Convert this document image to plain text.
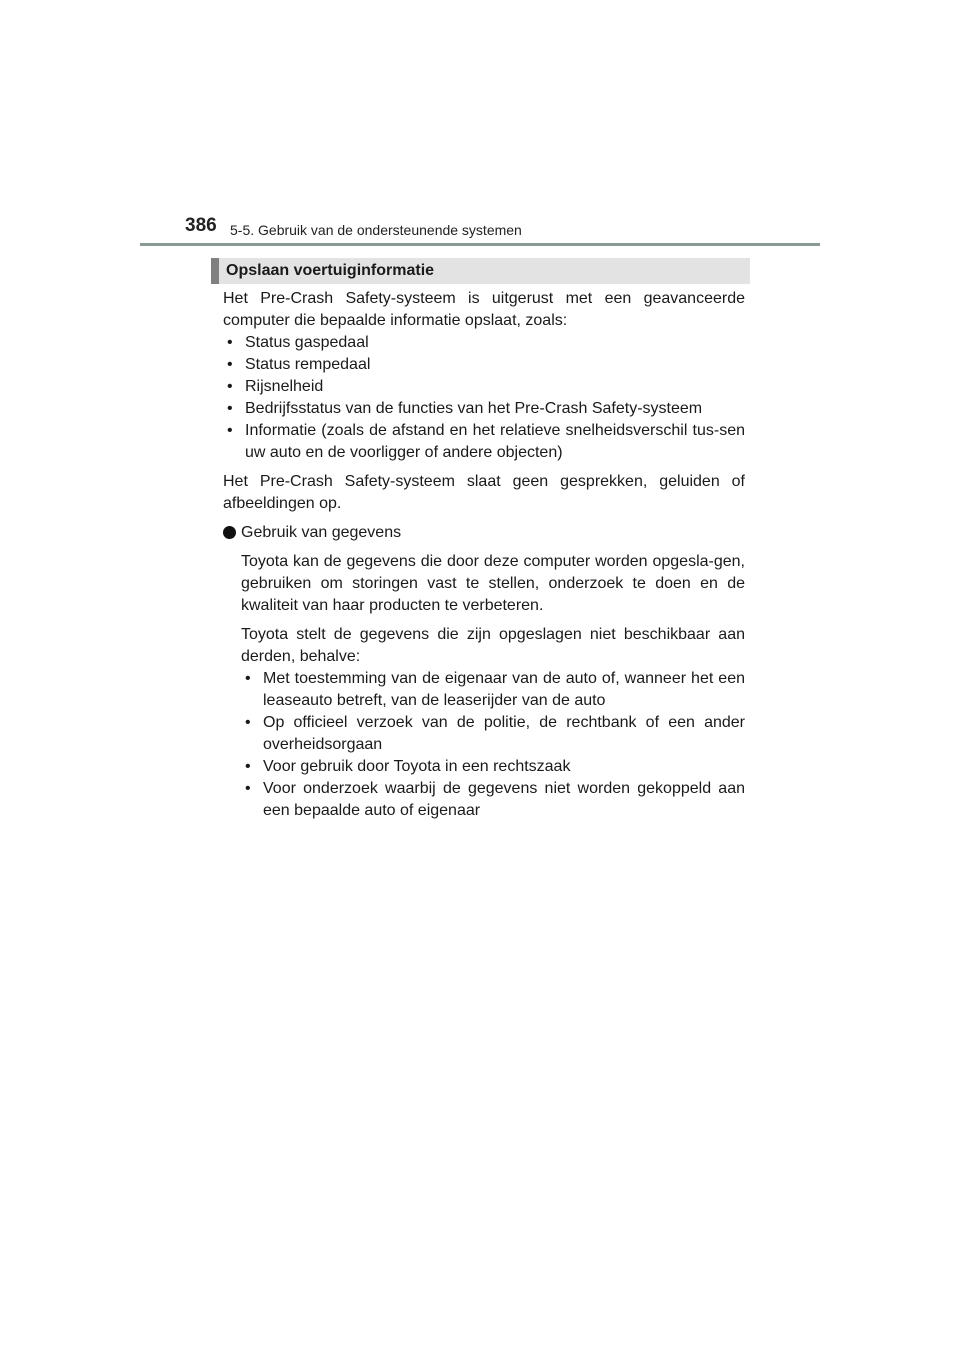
386 5-5. Gebruik van de ondersteunende systemen
Opslaan voertuiginformatie

Het Pre-Crash Safety-systeem is uitgerust met een geavanceerde computer die bepaalde informatie opslaat, zoals:

• Status gaspedaal
• Status rempedaal
• Rijsnelheid
• Bedrijfsstatus van de functies van het Pre-Crash Safety-systeem
• Informatie (zoals de afstand en het relatieve snelheidsverschil tus-sen uw auto en de voorligger of andere objecten)

Het Pre-Crash Safety-systeem slaat geen gesprekken, geluiden of afbeeldingen op.

Gebruik van gegevens

Toyota kan de gegevens die door deze computer worden opgesla-gen, gebruiken om storingen vast te stellen, onderzoek te doen en de kwaliteit van haar producten te verbeteren.

Toyota stelt de gegevens die zijn opgeslagen niet beschikbaar aan derden, behalve:

• Met toestemming van de eigenaar van de auto of, wanneer het een leaseauto betreft, van de leaserijder van de auto
• Op officieel verzoek van de politie, de rechtbank of een ander overheidsorgaan
• Voor gebruik door Toyota in een rechtszaak
• Voor onderzoek waarbij de gegevens niet worden gekoppeld aan een bepaalde auto of eigenaar
